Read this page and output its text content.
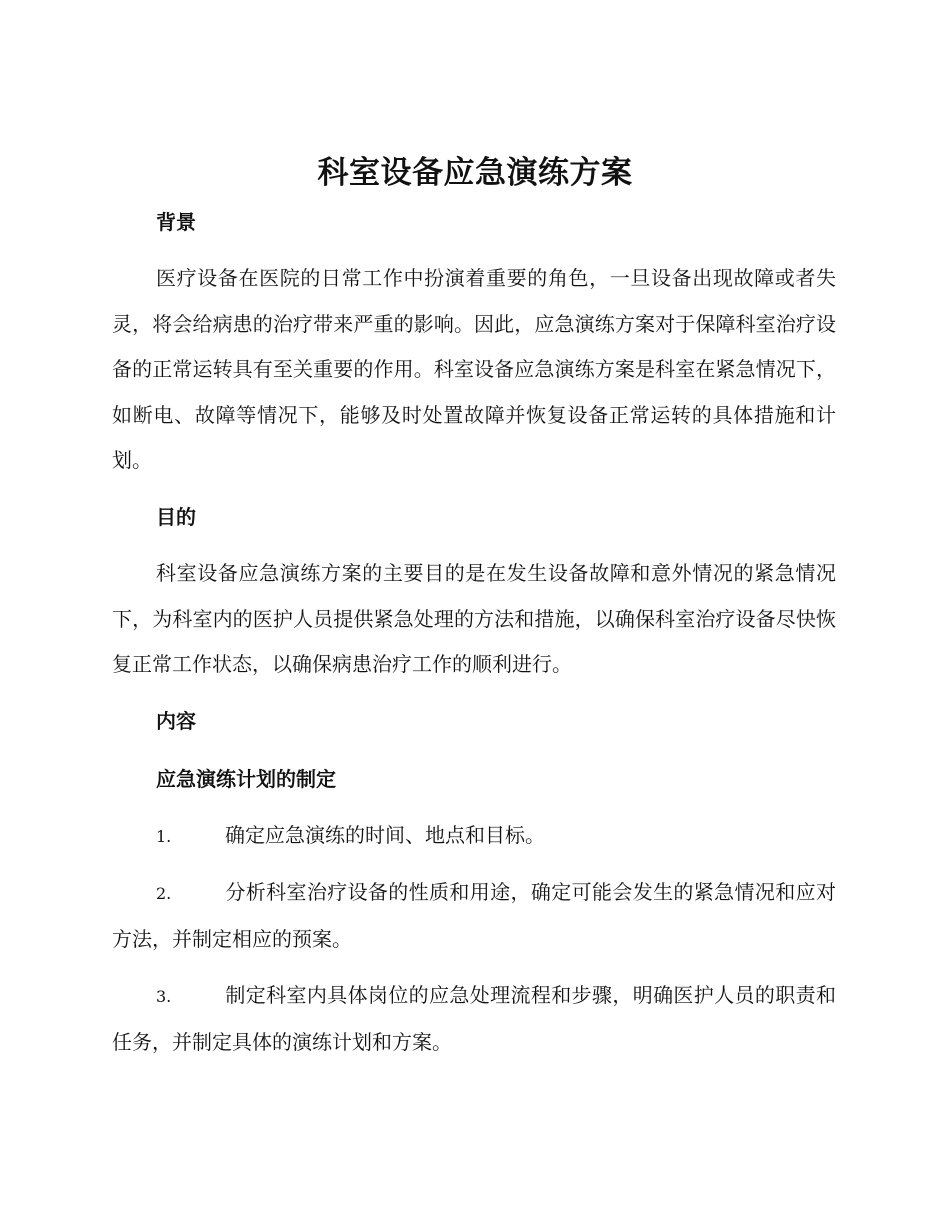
科室设备应急演练方案
背景

医疗设备在医院的日常工作中扮演着重要的角色，一旦设备出现故障或者失灵，将会给病患的治疗带来严重的影响。因此，应急演练方案对于保障科室治疗设备的正常运转具有至关重要的作用。科室设备应急演练方案是科室在紧急情况下，如断电、故障等情况下，能够及时处置故障并恢复设备正常运转的具体措施和计划。

目的

科室设备应急演练方案的主要目的是在发生设备故障和意外情况的紧急情况下，为科室内的医护人员提供紧急处理的方法和措施，以确保科室治疗设备尽快恢复正常工作状态，以确保病患治疗工作的顺利进行。

内容
应急演练计划的制定
1.	确定应急演练的时间、地点和目标。
2.	分析科室治疗设备的性质和用途，确定可能会发生的紧急情况和应对方法，并制定相应的预案。
3.	制定科室内具体岗位的应急处理流程和步骤，明确医护人员的职责和任务，并制定具体的演练计划和方案。
